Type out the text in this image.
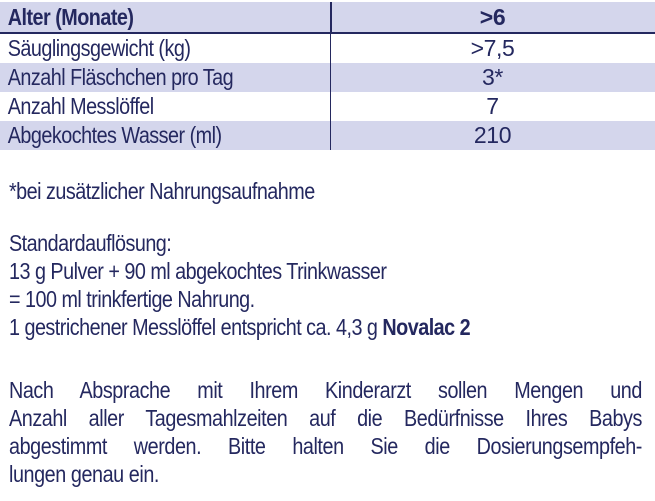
Alter (Monate)	>6
Säuglingsgewicht (kg)	>7,5
Anzahl Fläschchen pro Tag	3*
Anzahl Messlöffel	7
Abgekochtes Wasser (ml)	210
*bei zusätzlicher Nahrungsaufnahme
Standardauflösung:
13 g Pulver + 90 ml abgekochtes Trinkwasser
= 100 ml trinkfertige Nahrung.
1 gestrichener Messlöffel entspricht ca. 4,3 g Novalac 2
Nach Absprache mit Ihrem Kinderarzt sollen Mengen und
Anzahl aller Tagesmahlzeiten auf die Bedürfnisse Ihres Babys
abgestimmt werden. Bitte halten Sie die Dosierungsempfeh-
lungen genau ein.
